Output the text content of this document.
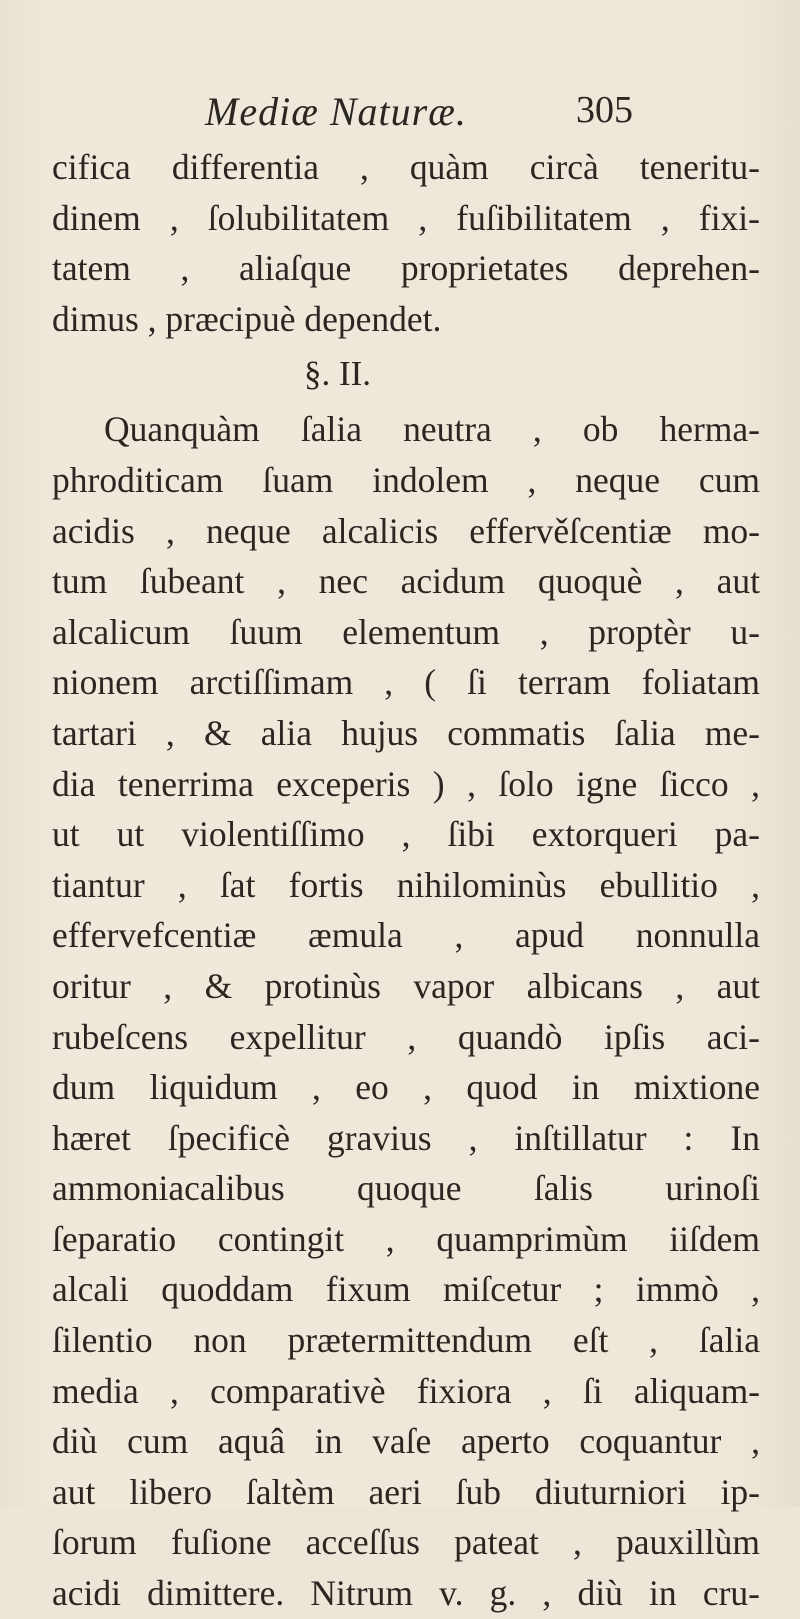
Mediæ Naturæ.	305
cifica differentia , quàm circà teneritu-
dinem , ſolubilitatem , fuſibilitatem , fixi-
tatem , aliaſque proprietates deprehen-
dimus , præcipuè dependet.
§. II.
Quanquàm ſalia neutra , ob herma-
phroditicam ſuam indolem , neque cum
acidis , neque alcalicis effervěſcentiæ mo-
tum ſubeant , nec acidum quoquè , aut
alcalicum ſuum elementum , proptèr u-
nionem arctiſſimam , ( ſi terram foliatam
tartari , & alia hujus commatis ſalia me-
dia tenerrima exceperis ) , ſolo igne ſicco ,
ut ut violentiſſimo , ſibi extorqueri pa-
tiantur , ſat fortis nihilominùs ebullitio ,
effervefcentiæ æmula , apud nonnulla
oritur , & protinùs vapor albicans , aut
rubeſcens expellitur , quandò ipſis aci-
dum liquidum , eo , quod in mixtione
hæret ſpecificè gravius , inſtillatur : In
ammoniacalibus quoque ſalis urinoſi
ſeparatio contingit , quamprimùm iiſdem
alcali quoddam fixum miſcetur ; immò ,
ſilentio non prætermittendum eſt , ſalia
media , comparativè fixiora , ſi aliquam-
diù cum aquâ in vaſe aperto coquantur ,
aut libero ſaltèm aeri ſub diuturniori ip-
ſorum fuſione acceſſus pateat , pauxillùm
acidi dimittere. Nitrum v. g. , diù in cru-
